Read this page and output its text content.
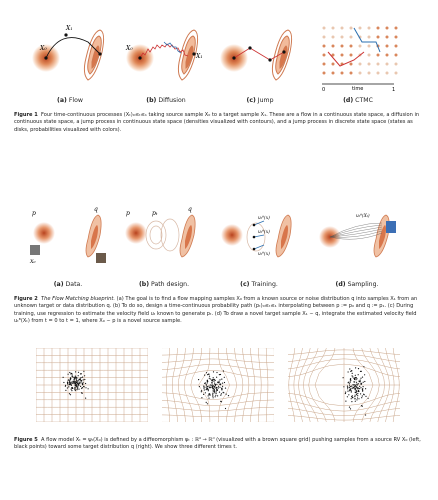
X₀
X₁
X₀
X₁
0	1
time
(a) Flow	(b) Diffusion	(c) Jump	(d) CTMC
Figure 1 Four time-continuous processes (Xₜ)₀≤ₜ≤₁ taking source sample X₀ to a target sample X₁. These are a flow in a continuous state space, a diffusion in continuous state space, a jump process in continuous state space (densities visualized with contours), and a jump process in discrete state space (states as disks, probabilities visualized with colors).
p
q
X₀
p	pₜ
q
uₜᶿ(x)
uₜᶿ(x)
uₜᶿ(x)
uₜᶿ(Xₜ)
(a) Data.	(b) Path design.	(c) Training.	(d) Sampling.
Figure 2 The Flow Matching blueprint. (a) The goal is to find a flow mapping samples X₀ from a known source or noise distribution q into samples X₁ from an unknown target or data distribution q. (b) To do so, design a time-continuous probability path (pₜ)₀≤ₜ≤₁ interpolating between p := p₀ and q := p₁. (c) During training, use regression to estimate the velocity field uₜ known to generate pₜ. (d) To draw a novel target sample X₁ ∼ q, integrate the estimated velocity field uₜᶿ(Xₜ) from t = 0 to t = 1, where X₀ ∼ p is a novel source sample.
Figure 5 A flow model Xₜ = ψₜ(X₀) is defined by a diffeomorphism ψₜ : ℝᵈ → ℝᵈ (visualized with a brown square grid) pushing samples from a source RV X₀ (left, black points) toward some target distribution q (right). We show three different times t.
